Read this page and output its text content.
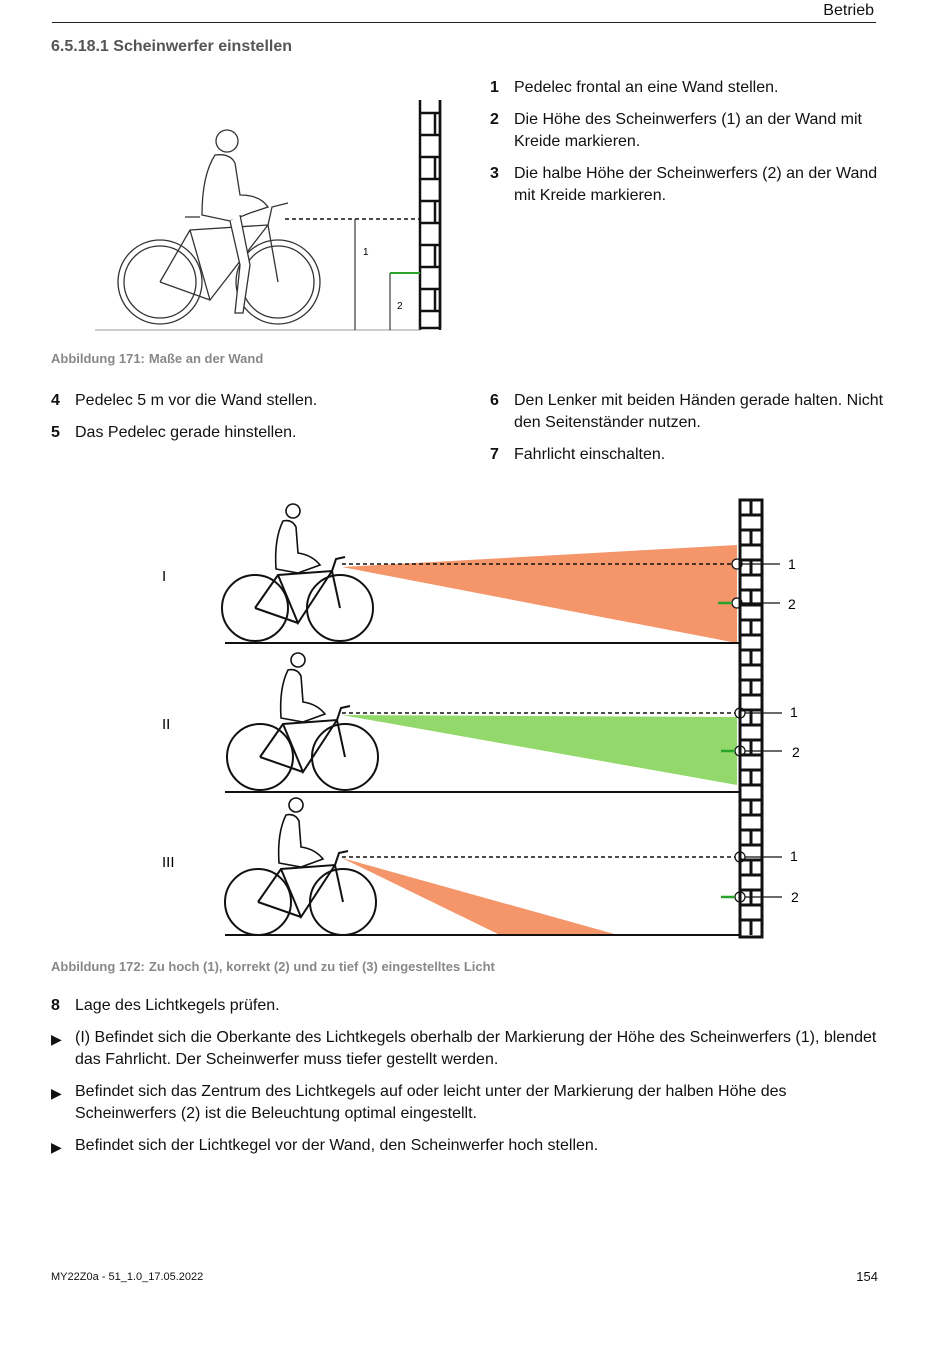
Betrieb
6.5.18.1 Scheinwerfer einstellen
1
2
1 Pedelec frontal an eine Wand stellen.
2 Die Höhe des Scheinwerfers (1) an der Wand mit Kreide markieren.
3 Die halbe Höhe der Scheinwerfers (2) an der Wand mit Kreide markieren.
Abbildung 171: Maße an der Wand
4 Pedelec 5 m vor die Wand stellen.
5 Das Pedelec gerade hinstellen.
6 Den Lenker mit beiden Händen gerade halten. Nicht den Seitenständer nutzen.
7 Fahrlicht einschalten.
I
1
2
II
1
2
III	1
2
Abbildung 172: Zu hoch (1), korrekt (2) und zu tief (3) eingestelltes Licht
8 Lage des Lichtkegels prüfen.
▶ (I) Befindet sich die Oberkante des Lichtkegels oberhalb der Markierung der Höhe des Scheinwerfers (1), blendet das Fahrlicht. Der Scheinwerfer muss tiefer gestellt werden.
▶ Befindet sich das Zentrum des Lichtkegels auf oder leicht unter der Markierung der halben Höhe des Scheinwerfers (2) ist die Beleuchtung optimal eingestellt.
▶ Befindet sich der Lichtkegel vor der Wand, den Scheinwerfer hoch stellen.
MY22Z0a - 51_1.0_17.05.2022	154
